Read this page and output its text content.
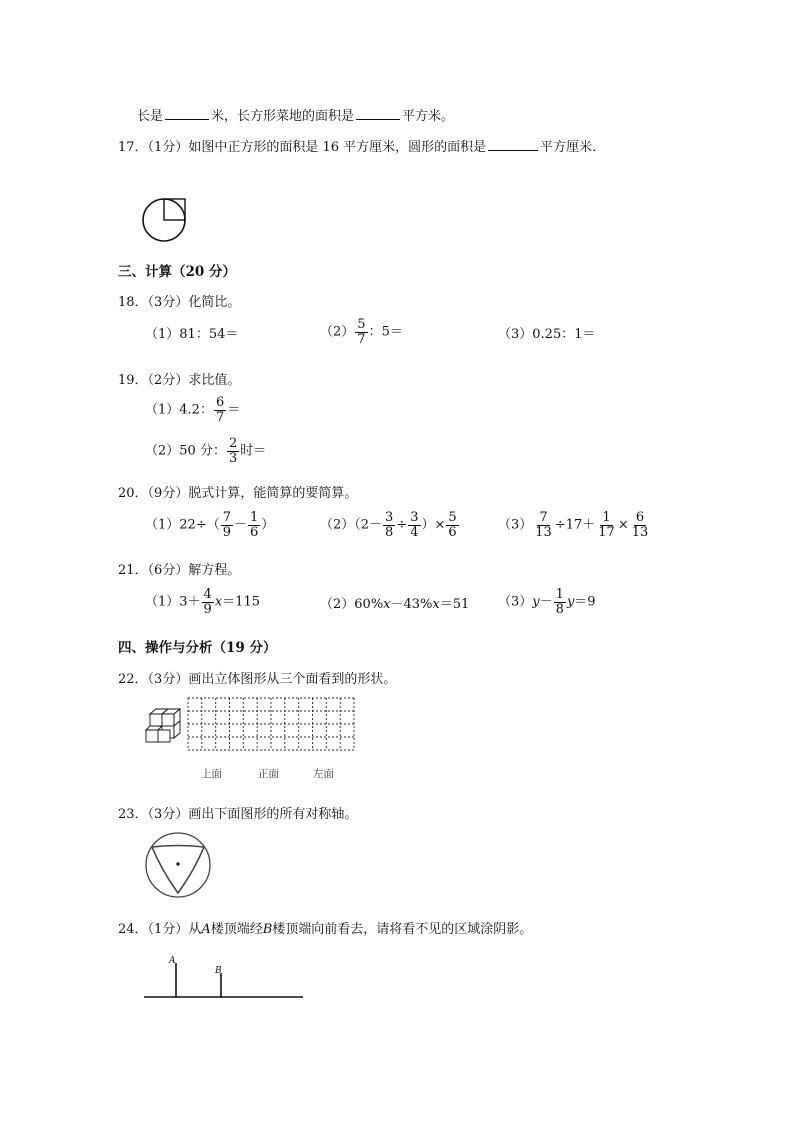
长是	米，长方形菜地的面积是	平方米。
17．（1分）如图中正方形的面积是 16 平方厘米，圆形的面积是	平方厘米．
三、计算（20 分）
18．（3分）化简比。
（1）81：54＝	$(2) \frac{5}{7}$ ：5＝	（3）0.25：1＝
19．（2分）求比值。
（1）4.2： $\frac{6}{7}$ ＝
（2）50 分： $\frac{2}{3}$ 时＝
20．（9分）脱式计算，能简算的要简算。
$(1)22\div( \frac{7}{9} - \frac{1}{6}$ ）	$(2)(2- \frac{3}{8} \div \frac{3}{4}$ ）× $\frac{5}{6}$	$(3) \frac{7}{13} \div 17+ \frac{1}{17} \times \frac{6}{13}$
21．（6分）解方程。
$(1)3+ \frac{4}{9} x=115$	（2）60%x－43%x＝51 $(3)y- \frac{1}{8} y=9$
四、操作与分析（19 分）
22．（3分）画出立体图形从三个面看到的形状。
上面	正面	左面
23．（3分）画出下面图形的所有对称轴。
24．（1分）从A楼顶端经B楼顶端向前看去，请将看不见的区域涂阴影。
A
B
